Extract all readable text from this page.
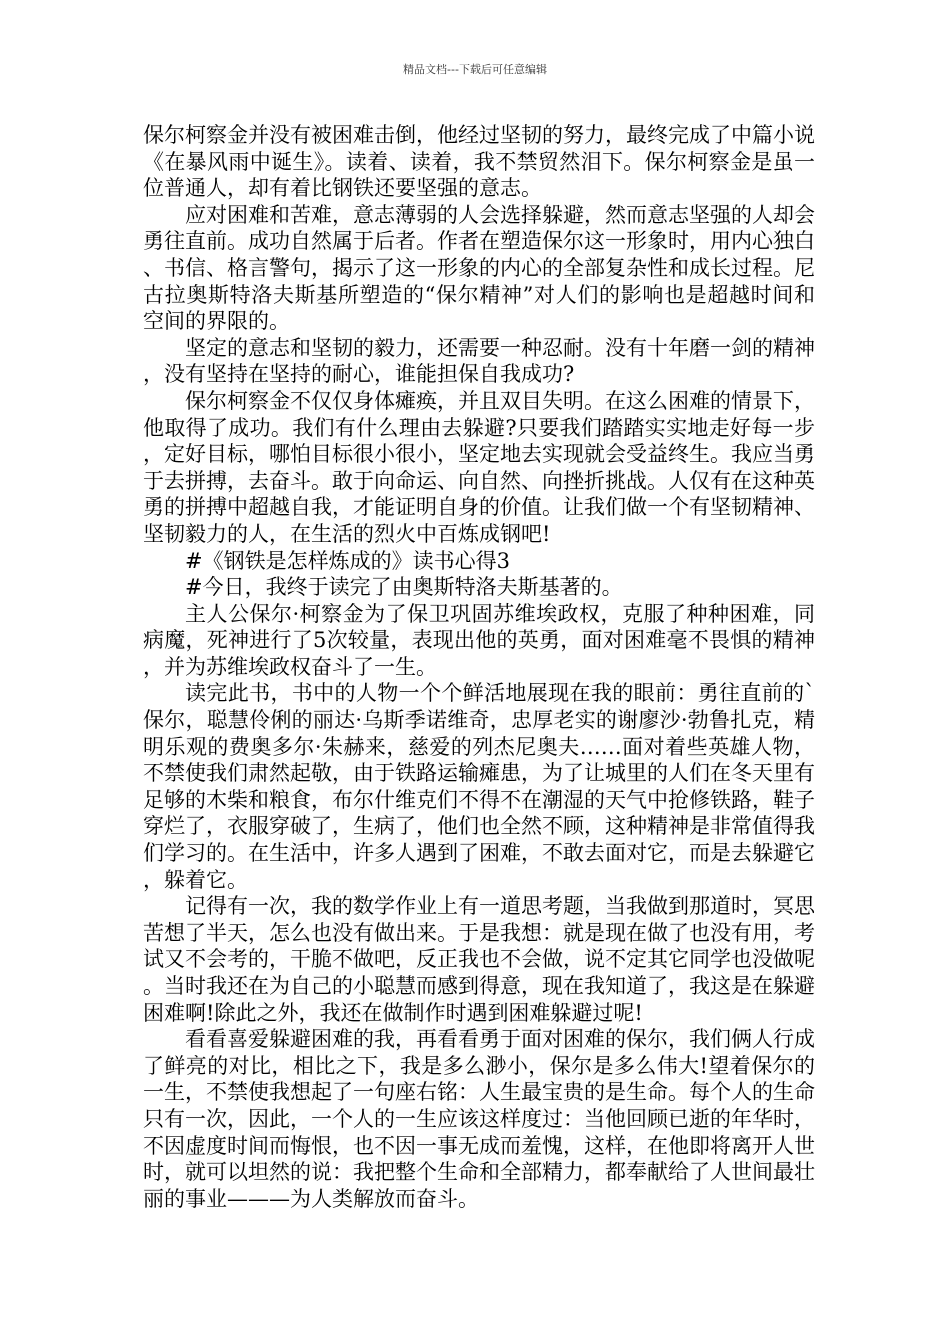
精品文档---下载后可任意编辑

保尔柯察金并没有被困难击倒，他经过坚韧的努力，最终完成了中篇小说《在暴风雨中诞生》。读着、读着，我不禁贸然泪下。保尔柯察金是虽一位普通人，却有着比钢铁还要坚强的意志。

应对困难和苦难，意志薄弱的人会选择躲避，然而意志坚强的人却会勇往直前。成功自然属于后者。作者在塑造保尔这一形象时，用内心独白、书信、格言警句，揭示了这一形象的内心的全部复杂性和成长过程。尼古拉奥斯特洛夫斯基所塑造的“保尔精神”对人们的影响也是超越时间和空间的界限的。

坚定的意志和坚韧的毅力，还需要一种忍耐。没有十年磨一剑的精神，没有坚持在坚持的耐心，谁能担保自我成功?

保尔柯察金不仅仅身体瘫痪，并且双目失明。在这么困难的情景下，他取得了成功。我们有什么理由去躲避?只要我们踏踏实实地走好每一步，定好目标，哪怕目标很小很小，坚定地去实现就会受益终生。我应当勇于去拼搏，去奋斗。敢于向命运、向自然、向挫折挑战。人仅有在这种英勇的拼搏中超越自我，才能证明自身的价值。让我们做一个有坚韧精神、坚韧毅力的人，在生活的烈火中百炼成钢吧!

#《钢铁是怎样炼成的》读书心得3

#今日，我终于读完了由奥斯特洛夫斯基著的。

主人公保尔·柯察金为了保卫巩固苏维埃政权，克服了种种困难，同病魔，死神进行了5次较量，表现出他的英勇，面对困难毫不畏惧的精神，并为苏维埃政权奋斗了一生。

读完此书，书中的人物一个个鲜活地展现在我的眼前：勇往直前的`保尔，聪慧伶俐的丽达·乌斯季诺维奇，忠厚老实的谢廖沙·勃鲁扎克，精明乐观的费奥多尔·朱赫来，慈爱的列杰尼奥夫……面对着些英雄人物，不禁使我们肃然起敬，由于铁路运输瘫患，为了让城里的人们在冬天里有足够的木柴和粮食，布尔什维克们不得不在潮湿的天气中抢修铁路，鞋子穿烂了，衣服穿破了，生病了，他们也全然不顾，这种精神是非常值得我们学习的。在生活中，许多人遇到了困难，不敢去面对它，而是去躲避它，躲着它。

记得有一次，我的数学作业上有一道思考题，当我做到那道时，冥思苦想了半天，怎么也没有做出来。于是我想：就是现在做了也没有用，考试又不会考的，干脆不做吧，反正我也不会做，说不定其它同学也没做呢。当时我还在为自己的小聪慧而感到得意，现在我知道了，我这是在躲避困难啊!除此之外，我还在做制作时遇到困难躲避过呢!

看看喜爱躲避困难的我，再看看勇于面对困难的保尔，我们俩人行成了鲜亮的对比，相比之下，我是多么渺小，保尔是多么伟大!望着保尔的一生，不禁使我想起了一句座右铭：人生最宝贵的是生命。每个人的生命只有一次，因此，一个人的一生应该这样度过：当他回顾已逝的年华时，不因虚度时间而悔恨，也不因一事无成而羞愧，这样，在他即将离开人世时，就可以坦然的说：我把整个生命和全部精力，都奉献给了人世间最壮丽的事业———为人类解放而奋斗。
